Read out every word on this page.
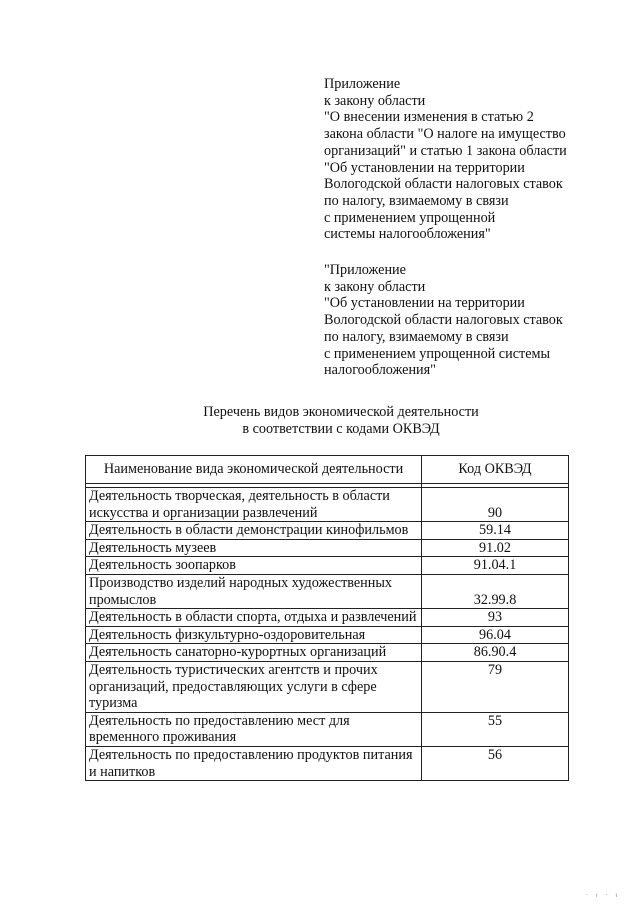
Приложение
к закону области
"О внесении изменения в статью 2
закона области "О налоге на имущество
организаций" и статью 1 закона области
"Об установлении на территории
Вологодской области налоговых ставок
по налогу, взимаемому в связи
с применением упрощенной
системы налогообложения"
"Приложение
к закону области
"Об установлении на территории
Вологодской области налоговых ставок
по налогу, взимаемому в связи
с применением упрощенной системы
налогообложения"
Перечень видов экономической деятельности
в соответствии с кодами ОКВЭД
Наименование вида экономической деятельности	Код ОКВЭД

Деятельность творческая, деятельность в области искусства и организации развлечений	90
Деятельность в области демонстрации кинофильмов	59.14
Деятельность музеев	91.02
Деятельность зоопарков	91.04.1
Производство изделий народных художественных промыслов	32.99.8
Деятельность в области спорта, отдыха и развлечений	93
Деятельность физкультурно-оздоровительная	96.04
Деятельность санаторно-курортных организаций	86.90.4
Деятельность туристических агентств и прочих организаций, предоставляющих услуги в сфере туризма	79
Деятельность по предоставлению мест для временного проживания	55
Деятельность по предоставлению продуктов питания и напитков	56
· ı · ı
